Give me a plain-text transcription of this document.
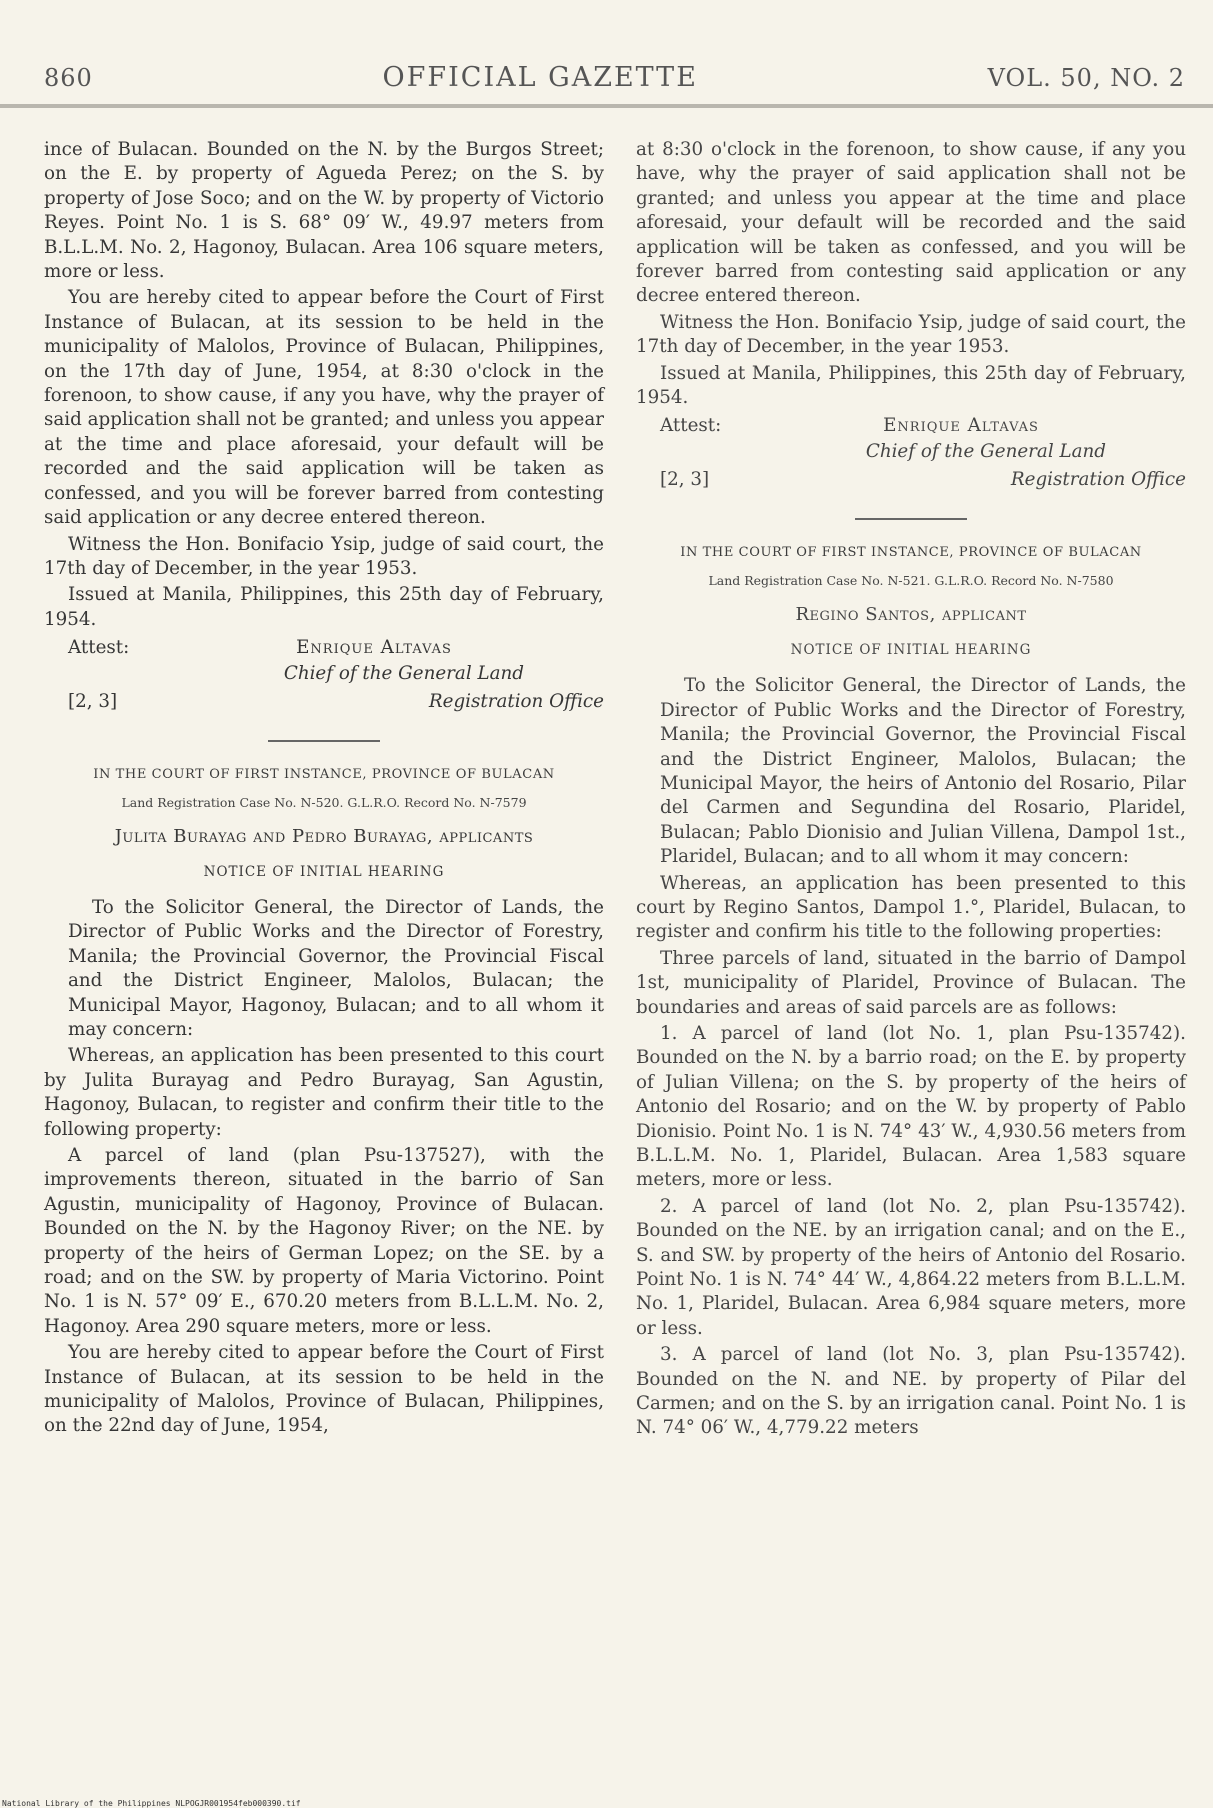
860	OFFICIAL GAZETTE	VOL. 50, NO. 2

ince of Bulacan. Bounded on the N. by the Burgos Street; on the E. by property of Agueda Perez; on the S. by property of Jose Soco; and on the W. by property of Victorio Reyes. Point No. 1 is S. 68° 09′ W., 49.97 meters from B.L.L.M. No. 2, Hagonoy, Bulacan. Area 106 square meters, more or less.

You are hereby cited to appear before the Court of First Instance of Bulacan, at its session to be held in the municipality of Malolos, Province of Bulacan, Philippines, on the 17th day of June, 1954, at 8:30 o'clock in the forenoon, to show cause, if any you have, why the prayer of said application shall not be granted; and unless you appear at the time and place aforesaid, your default will be recorded and the said application will be taken as confessed, and you will be forever barred from contesting said application or any decree entered thereon.

Witness the Hon. Bonifacio Ysip, judge of said court, the 17th day of December, in the year 1953.

Issued at Manila, Philippines, this 25th day of February, 1954.

Attest:	Enrique Altavas
Chief of the General Land
[2, 3]	Registration Office
IN THE COURT OF FIRST INSTANCE, PROVINCE OF BULACAN
Land Registration Case No. N-520. G.L.R.O. Record No. N-7579
Julita Burayag and Pedro Burayag, applicants
NOTICE OF INITIAL HEARING

To the Solicitor General, the Director of Lands, the Director of Public Works and the Director of Forestry, Manila; the Provincial Governor, the Provincial Fiscal and the District Engineer, Malolos, Bulacan; the Municipal Mayor, Hagonoy, Bulacan; and to all whom it may concern:

Whereas, an application has been presented to this court by Julita Burayag and Pedro Burayag, San Agustin, Hagonoy, Bulacan, to register and confirm their title to the following property:

A parcel of land (plan Psu-137527), with the improvements thereon, situated in the barrio of San Agustin, municipality of Hagonoy, Province of Bulacan. Bounded on the N. by the Hagonoy River; on the NE. by property of the heirs of German Lopez; on the SE. by a road; and on the SW. by property of Maria Victorino. Point No. 1 is N. 57° 09′ E., 670.20 meters from B.L.L.M. No. 2, Hagonoy. Area 290 square meters, more or less.

You are hereby cited to appear before the Court of First Instance of Bulacan, at its session to be held in the municipality of Malolos, Province of Bulacan, Philippines, on the 22nd day of June, 1954,

at 8:30 o'clock in the forenoon, to show cause, if any you have, why the prayer of said application shall not be granted; and unless you appear at the time and place aforesaid, your default will be recorded and the said application will be taken as confessed, and you will be forever barred from contesting said application or any decree entered thereon.

Witness the Hon. Bonifacio Ysip, judge of said court, the 17th day of December, in the year 1953.

Issued at Manila, Philippines, this 25th day of February, 1954.

Attest:	Enrique Altavas
Chief of the General Land
[2, 3]	Registration Office
IN THE COURT OF FIRST INSTANCE, PROVINCE OF BULACAN
Land Registration Case No. N-521. G.L.R.O. Record No. N-7580
Regino Santos, applicant
NOTICE OF INITIAL HEARING

To the Solicitor General, the Director of Lands, the Director of Public Works and the Director of Forestry, Manila; the Provincial Governor, the Provincial Fiscal and the District Engineer, Malolos, Bulacan; the Municipal Mayor, the heirs of Antonio del Rosario, Pilar del Carmen and Segundina del Rosario, Plaridel, Bulacan; Pablo Dionisio and Julian Villena, Dampol 1st., Plaridel, Bulacan; and to all whom it may concern:

Whereas, an application has been presented to this court by Regino Santos, Dampol 1.°, Plaridel, Bulacan, to register and confirm his title to the following properties:

Three parcels of land, situated in the barrio of Dampol 1st, municipality of Plaridel, Province of Bulacan. The boundaries and areas of said parcels are as follows:

1. A parcel of land (lot No. 1, plan Psu-135742). Bounded on the N. by a barrio road; on the E. by property of Julian Villena; on the S. by property of the heirs of Antonio del Rosario; and on the W. by property of Pablo Dionisio. Point No. 1 is N. 74° 43′ W., 4,930.56 meters from B.L.L.M. No. 1, Plaridel, Bulacan. Area 1,583 square meters, more or less.

2. A parcel of land (lot No. 2, plan Psu-135742). Bounded on the NE. by an irrigation canal; and on the E., S. and SW. by property of the heirs of Antonio del Rosario. Point No. 1 is N. 74° 44′ W., 4,864.22 meters from B.L.L.M. No. 1, Plaridel, Bulacan. Area 6,984 square meters, more or less.

3. A parcel of land (lot No. 3, plan Psu-135742). Bounded on the N. and NE. by property of Pilar del Carmen; and on the S. by an irrigation canal. Point No. 1 is N. 74° 06′ W., 4,779.22 meters

National Library of the Philippines NLPOGJR001954feb000390.tif
